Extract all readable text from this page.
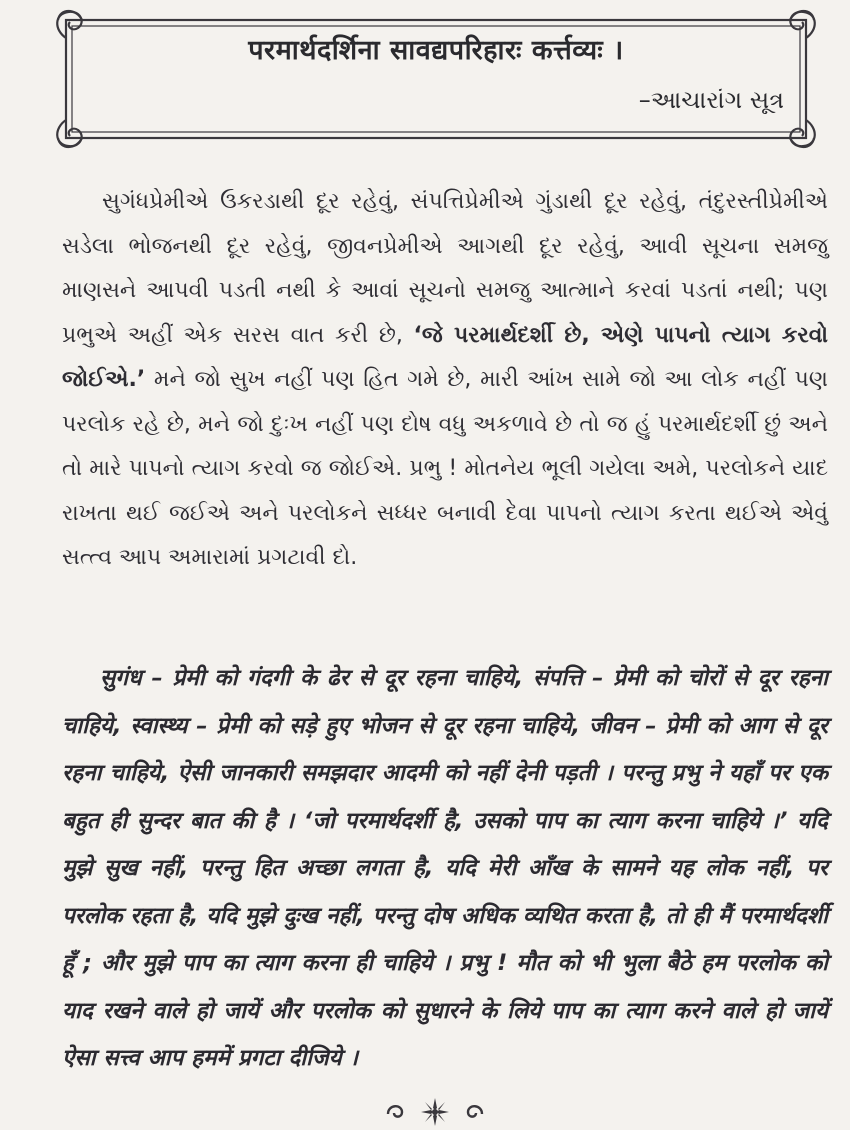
परमार्थदर्शिना सावद्यपरिहारः कर्त्तव्यः ।
–આચારાંગ સૂત્ર

સુગંધપ્રેમીએ ઉકરડાથી દૂર રહેવું, સંપત્તિપ્રેમીએ ગુંડાથી દૂર રહેવું, તંદુરસ્તીપ્રેમીએ સડેલા ભોજનથી દૂર રહેવું, જીવનપ્રેમીએ આગથી દૂર રહેવું, આવી સૂચના સમજુ માણસને આપવી પડતી નથી કે આવાં સૂચનો સમજુ આત્માને કરવાં પડતાં નથી; પણ પ્રભુએ અહીં એક સરસ વાત કરી છે, ‘જે પરમાર્થદર્શી છે, એણે પાપનો ત્યાગ કરવો જોઈએ.’ મને જો સુખ નહીં પણ હિત ગમે છે, મારી આંખ સામે જો આ લોક નહીં પણ પરલોક રહે છે, મને જો દુઃખ નહીં પણ દોષ વધુ અકળાવે છે તો જ હું પરમાર્થદર્શી છું અને તો મારે પાપનો ત્યાગ કરવો જ જોઈએ. પ્રભુ ! મોતનેય ભૂલી ગયેલા અમે, પરલોકને યાદ રાખતા થઈ જઈએ અને પરલોકને સધ્ધર બનાવી દેવા પાપનો ત્યાગ કરતા થઈએ એવું સત્ત્વ આપ અમારામાં પ્રગટાવી દો.

सुगंध – प्रेमी को गंदगी के ढेर से दूर रहना चाहिये, संपत्ति – प्रेमी को चोरों से दूर रहना चाहिये, स्वास्थ्य – प्रेमी को सड़े हुए भोजन से दूर रहना चाहिये, जीवन – प्रेमी को आग से दूर रहना चाहिये, ऐसी जानकारी समझदार आदमी को नहीं देनी पड़ती । परन्तु प्रभु ने यहाँ पर एक बहुत ही सुन्दर बात की है । ‘जो परमार्थदर्शी है, उसको पाप का त्याग करना चाहिये ।’ यदि मुझे सुख नहीं, परन्तु हित अच्छा लगता है, यदि मेरी आँख के सामने यह लोक नहीं, पर परलोक रहता है, यदि मुझे दुःख नहीं, परन्तु दोष अधिक व्यथित करता है, तो ही मैं परमार्थदर्शी हूँ ; और मुझे पाप का त्याग करना ही चाहिये । प्रभु ! मौत को भी भुला बैठे हम परलोक को याद रखने वाले हो जायें और परलोक को सुधारने के लिये पाप का त्याग करने वाले हो जायें ऐसा सत्त्व आप हममें प्रगटा दीजिये ।
